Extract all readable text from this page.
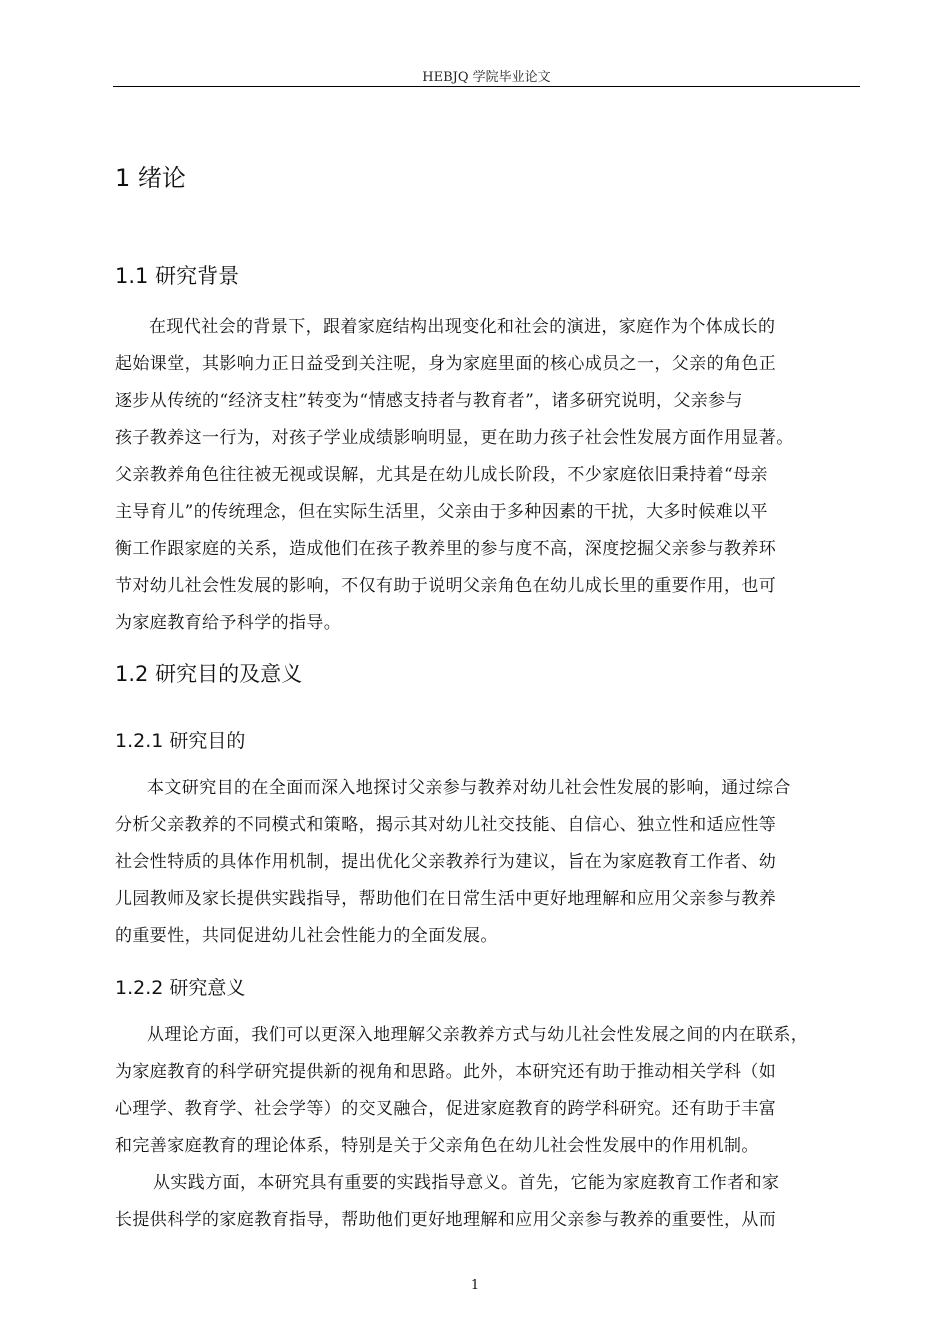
HEBJQ 学院毕业论文
1 绪论
1.1 研究背景
在现代社会的背景下，跟着家庭结构出现变化和社会的演进，家庭作为个体成长的
起始课堂，其影响力正日益受到关注呢，身为家庭里面的核心成员之一，父亲的角色正
逐步从传统的“经济支柱”转变为“情感支持者与教育者”，诸多研究说明，父亲参与
孩子教养这一行为，对孩子学业成绩影响明显，更在助力孩子社会性发展方面作用显著。
父亲教养角色往往被无视或误解，尤其是在幼儿成长阶段，不少家庭依旧秉持着“母亲
主导育儿”的传统理念，但在实际生活里，父亲由于多种因素的干扰，大多时候难以平
衡工作跟家庭的关系，造成他们在孩子教养里的参与度不高，深度挖掘父亲参与教养环
节对幼儿社会性发展的影响，不仅有助于说明父亲角色在幼儿成长里的重要作用，也可
为家庭教育给予科学的指导。
1.2 研究目的及意义
1.2.1 研究目的
本文研究目的在全面而深入地探讨父亲参与教养对幼儿社会性发展的影响，通过综合
分析父亲教养的不同模式和策略，揭示其对幼儿社交技能、自信心、独立性和适应性等
社会性特质的具体作用机制，提出优化父亲教养行为建议，旨在为家庭教育工作者、幼
儿园教师及家长提供实践指导，帮助他们在日常生活中更好地理解和应用父亲参与教养
的重要性，共同促进幼儿社会性能力的全面发展。
1.2.2 研究意义
从理论方面，我们可以更深入地理解父亲教养方式与幼儿社会性发展之间的内在联系，
为家庭教育的科学研究提供新的视角和思路。此外，本研究还有助于推动相关学科（如
心理学、教育学、社会学等）的交叉融合，促进家庭教育的跨学科研究。还有助于丰富
和完善家庭教育的理论体系，特别是关于父亲角色在幼儿社会性发展中的作用机制。
从实践方面，本研究具有重要的实践指导意义。首先，它能为家庭教育工作者和家
长提供科学的家庭教育指导，帮助他们更好地理解和应用父亲参与教养的重要性，从而
1
